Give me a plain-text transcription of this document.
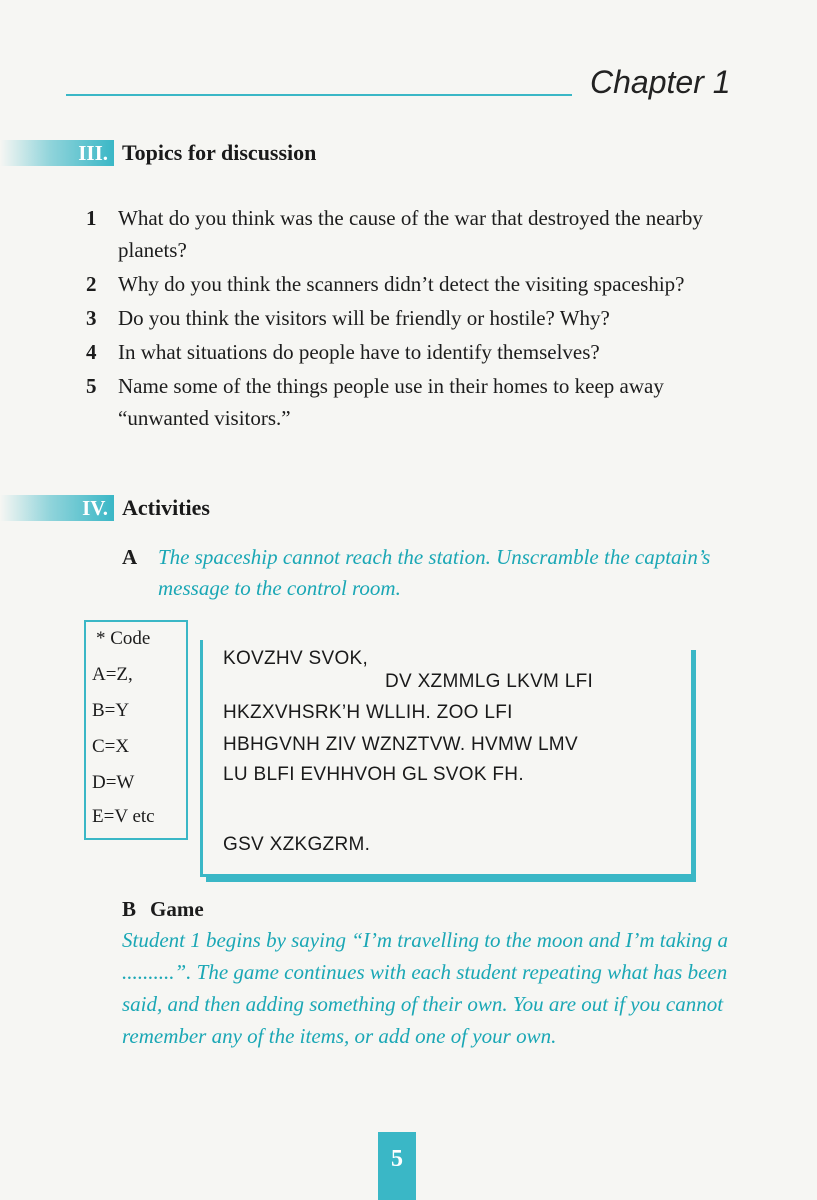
Chapter 1
III. Topics for discussion
1	What do you think was the cause of the war that destroyed the nearby planets?
2	Why do you think the scanners didn’t detect the visiting spaceship?
3	Do you think the visitors will be friendly or hostile? Why?
4	In what situations do people have to identify themselves?
5	Name some of the things people use in their homes to keep away “unwanted visitors.”
IV. Activities
A The spaceship cannot reach the station. Unscramble the captain’s message to the control room.
* Code
A=Z,
B=Y
C=X
D=W
E=V etc
KOVZHV SVOK,
DV XZMMLG LKVM LFI
HKZXVHSRK’H WLLIH. ZOO LFI
HBHGVNH ZIV WZNZTVW. HVMW LMV
LU BLFI EVHHVOH GL SVOK FH.
GSV XZKGZRM.
B Game
Student 1 begins by saying “I’m travelling to the moon and I’m taking a ..........”. The game continues with each student repeating what has been said, and then adding something of their own. You are out if you cannot remember any of the items, or add one of your own.
5
